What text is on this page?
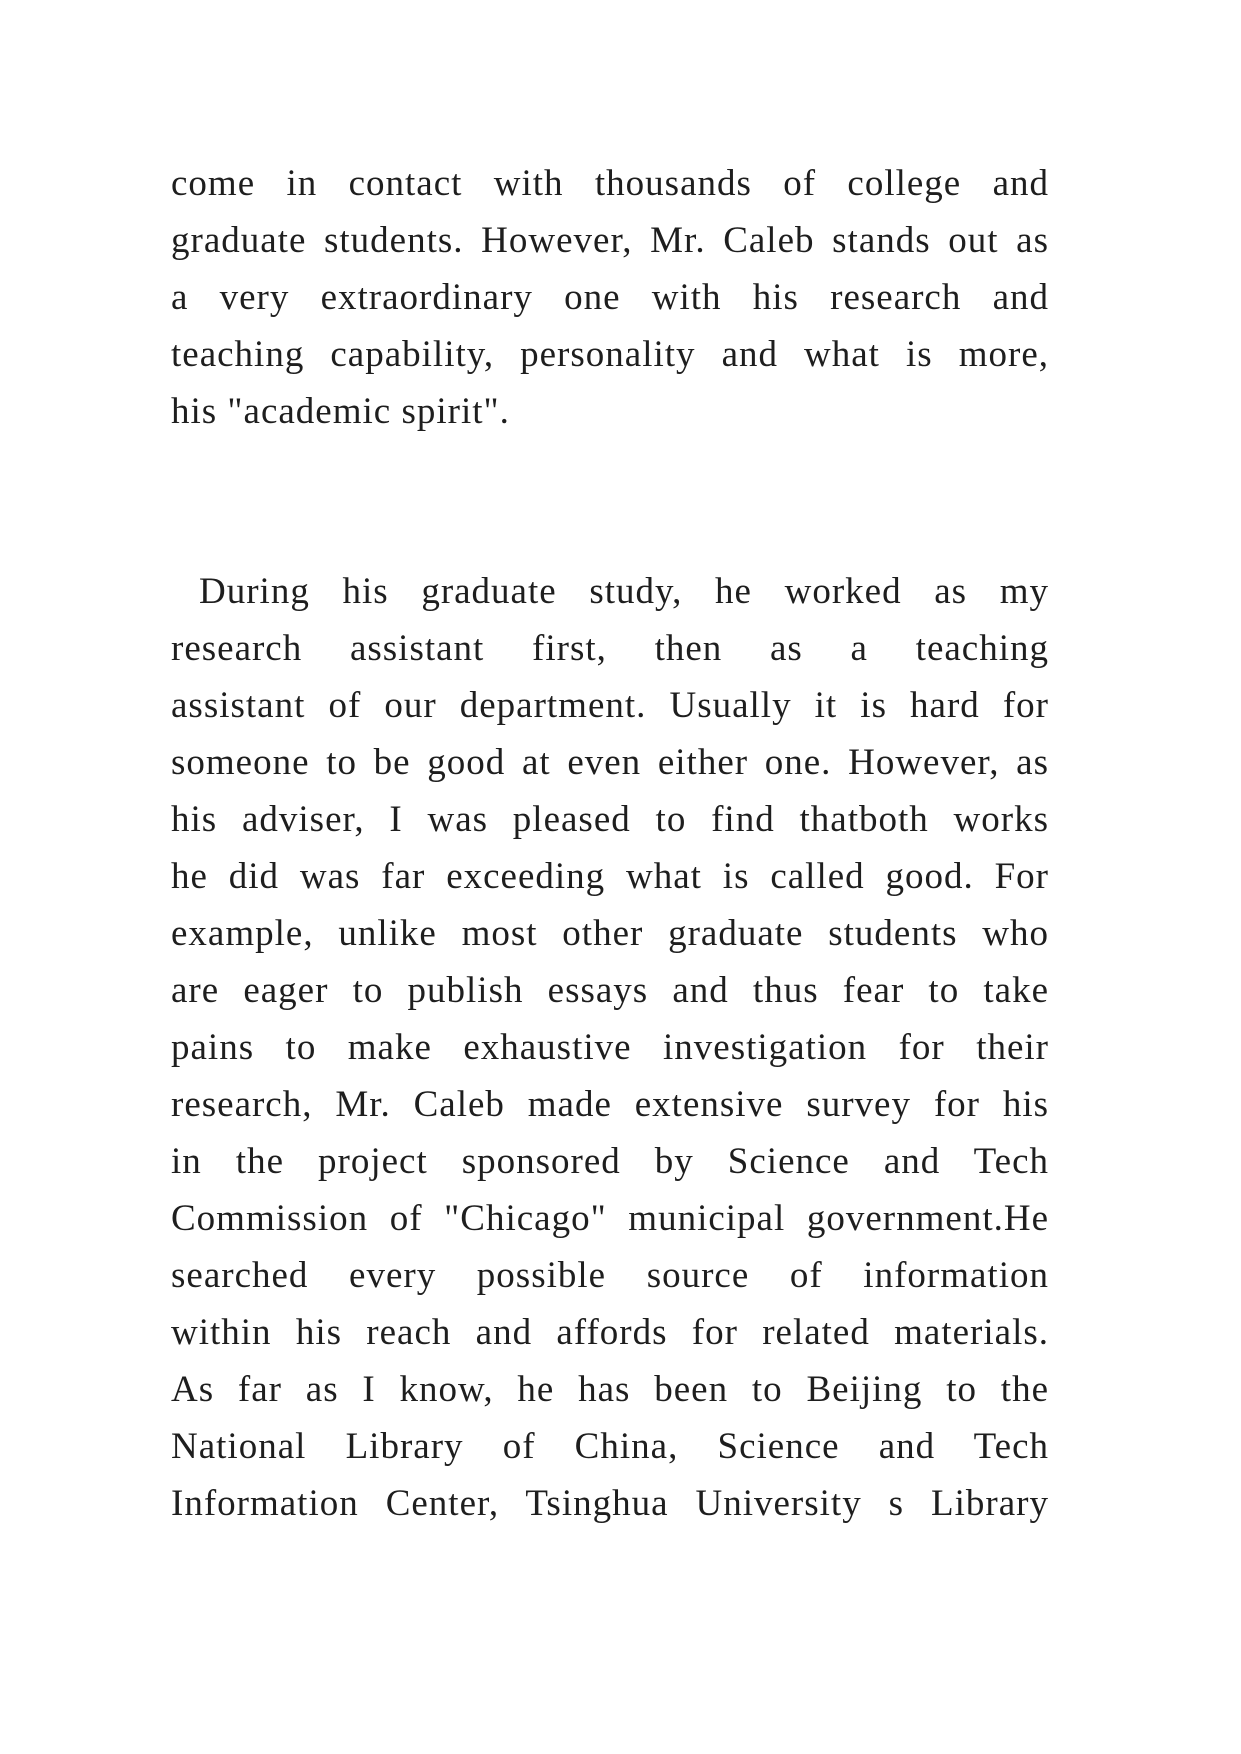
come in contact with thousands of college and
graduate students. However, Mr. Caleb stands out as
a very extraordinary one with his research and
teaching capability, personality and what is more,
his "academic spirit".
During his graduate study, he worked as my
research assistant first, then as a teaching
assistant of our department. Usually it is hard for
someone to be good at even either one. However, as
his adviser, I was pleased to find thatboth works
he did was far exceeding what is called good. For
example, unlike most other graduate students who
are eager to publish essays and thus fear to take
pains to make exhaustive investigation for their
research, Mr. Caleb made extensive survey for his
in the project sponsored by Science and Tech
Commission of "Chicago" municipal government.He
searched every possible source of information
within his reach and affords for related materials.
As far as I know, he has been to Beijing to the
National Library of China, Science and Tech
Information Center, Tsinghua University s Library
